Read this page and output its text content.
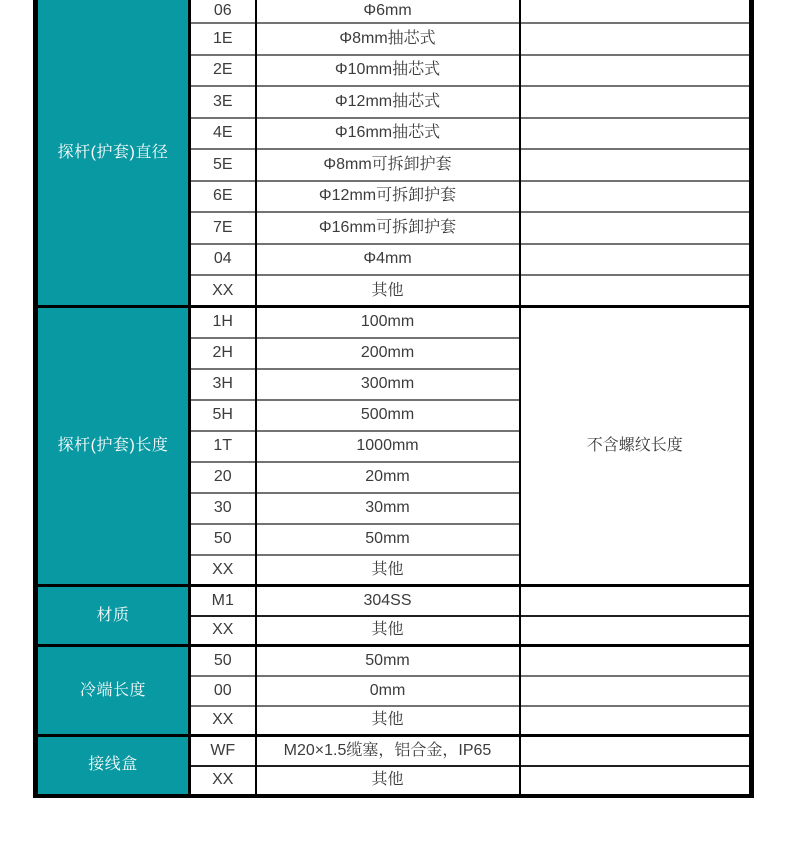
探杆(护套)直径	06	Φ6mm	
	1E	Φ8mm抽芯式	
	2E	Φ10mm抽芯式	
	3E	Φ12mm抽芯式	
	4E	Φ16mm抽芯式	
	5E	Φ8mm可拆卸护套	
	6E	Φ12mm可拆卸护套	
	7E	Φ16mm可拆卸护套	
	04	Φ4mm	
	XX	其他	
探杆(护套)长度	1H	100mm	不含螺纹长度
	2H	200mm	
	3H	300mm	
	5H	500mm	
	1T	1000mm	
	20	20mm	
	30	30mm	
	50	50mm	
	XX	其他	
材质	M1	304SS	
	XX	其他	
冷端长度	50	50mm	
	00	0mm	
	XX	其他	
接线盒	WF	M20×1.5缆塞，铝合金，IP65	
	XX	其他	
